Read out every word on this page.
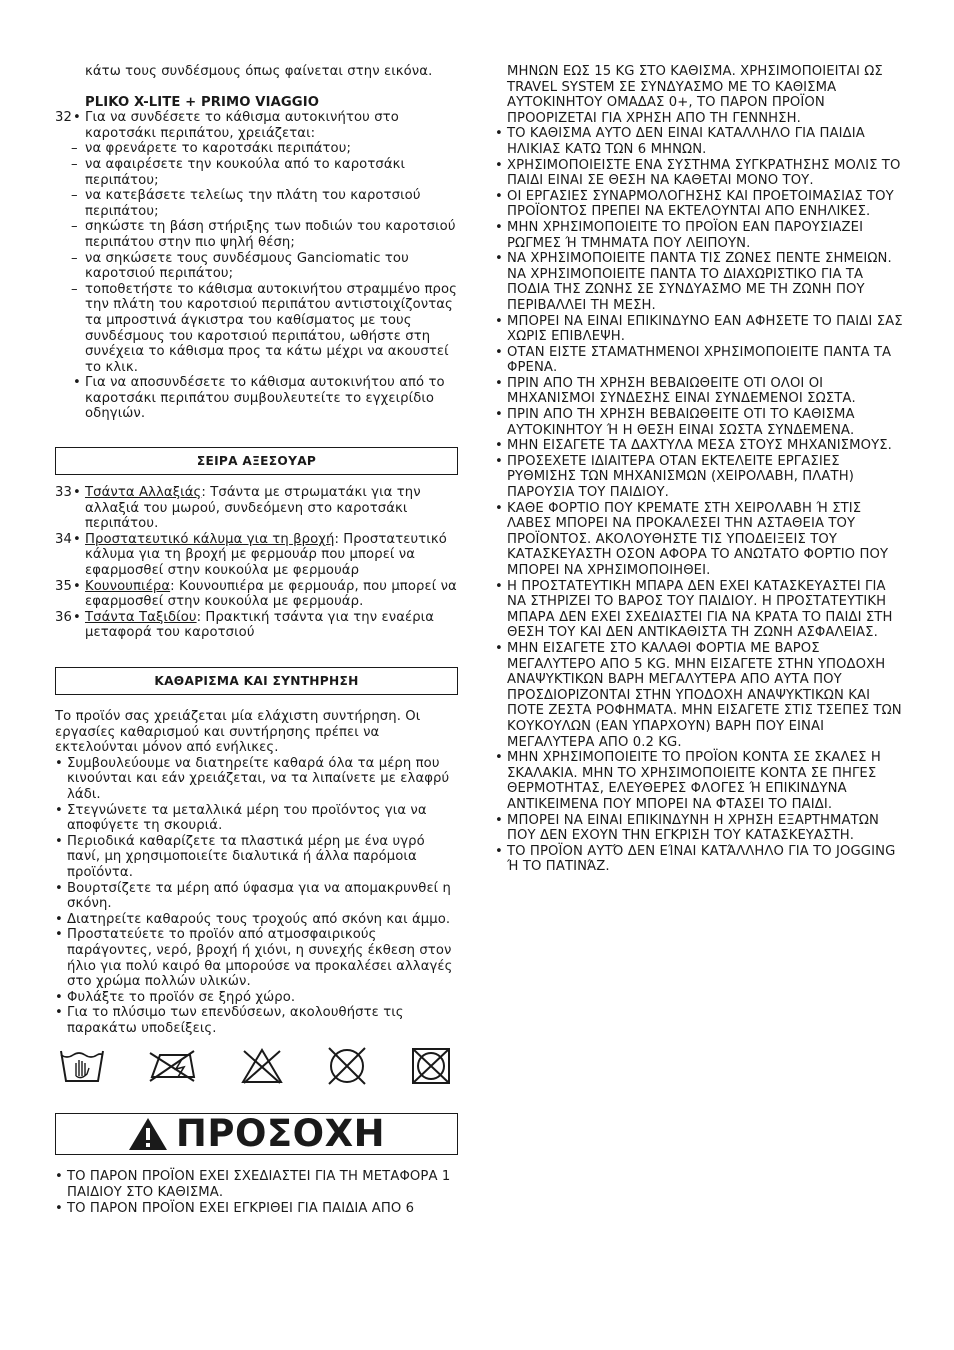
κάτω τους συνδέσμους όπως φαίνεται στην εικόνα.

PLIKO X-LITE + PRIMO VIAGGIO

32 • Για να συνδέσετε το κάθισμα αυτοκινήτου στο καροτσάκι περιπάτου, χρειάζεται:
– να φρενάρετε το καροτσάκι περιπάτου;
– να αφαιρέσετε την κουκούλα από το καροτσάκι περιπάτου;
– να κατεβάσετε τελείως την πλάτη του καροτσιού περιπάτου;
– σηκώστε τη βάση στήριξης των ποδιών του καροτσιού περιπάτου στην πιο ψηλή θέση;
– να σηκώσετε τους συνδέσμους Ganciomatic του καροτσιού περιπάτου;
– τοποθετήστε το κάθισμα αυτοκινήτου στραμμένο προς την πλάτη του καροτσιού περιπάτου αντιστοιχίζοντας τα μπροστινά άγκιστρα του καθίσματος με τους συνδέσμους του καροτσιού περιπάτου, ωθήστε στη συνέχεια το κάθισμα προς τα κάτω μέχρι να ακουστεί το κλικ.
• Για να αποσυνδέσετε το κάθισμα αυτοκινήτου από το καροτσάκι περιπάτου συμβουλευτείτε το εγχειρίδιο οδηγιών.
ΣΕΙΡΑ ΑΞΕΣΟΥΑΡ
33 • Τσάντα Αλλαξιάς: Τσάντα με στρωματάκι για την αλλαξιά του μωρού, συνδεόμενη στο καροτσάκι περιπάτου.
34 • Προστατευτικό κάλυμα για τη βροχή: Προστατευτικό κάλυμα για τη βροχή με φερμουάρ που μπορεί να εφαρμοσθεί στην κουκούλα με φερμουάρ
35 • Κουνουπιέρα: Κουνουπιέρα με φερμουάρ, που μπορεί να εφαρμοσθεί στην κουκούλα με φερμουάρ.
36 • Τσάντα Ταξιδίου: Πρακτική τσάντα για την εναέρια μεταφορά του καροτσιού
ΚΑΘΑΡΙΣΜΑ ΚΑΙ ΣΥΝΤΗΡΗΣΗ

Το προϊόν σας χρειάζεται μία ελάχιστη συντήρηση. Οι εργασίες καθαρισμού και συντήρησης πρέπει να εκτελούνται μόνον από ενήλικες.

• Συμβουλεύουμε να διατηρείτε καθαρά όλα τα μέρη που κινούνται και εάν χρειάζεται, να τα λιπαίνετε με ελαφρύ λάδι.
• Στεγνώνετε τα μεταλλικά μέρη του προϊόντος για να αποφύγετε τη σκουριά.
• Περιοδικά καθαρίζετε τα πλαστικά μέρη με ένα υγρό πανί, μη χρησιμοποιείτε διαλυτικά ή άλλα παρόμοια προϊόντα.
• Βουρτσίζετε τα μέρη από ύφασμα για να απομακρυνθεί η σκόνη.
• Διατηρείτε καθαρούς τους τροχούς από σκόνη και άμμο.
• Προστατεύετε το προϊόν από ατμοσφαιρικούς παράγοντες, νερό, βροχή ή χιόνι, η συνεχής έκθεση στον ήλιο για πολύ καιρό θα μπορούσε να προκαλέσει αλλαγές στο χρώμα πολλών υλικών.
• Φυλάξτε το προϊόν σε ξηρό χώρο.
• Για το πλύσιμο των επενδύσεων, ακολουθήστε τις παρακάτω υποδείξεις.
ΠΡΟΣΟΧΗ
• ΤΟ ΠΑΡΟΝ ΠΡΟΪΟΝ ΕΧΕΙ ΣΧΕΔΙΑΣΤΕΙ ΓΙΑ ΤΗ ΜΕΤΑΦΟΡΑ 1 ΠΑΙΔΙΟΥ ΣΤΟ ΚΑΘΙΣΜΑ.
• ΤΟ ΠΑΡΟΝ ΠΡΟΪΟΝ ΕΧΕΙ ΕΓΚΡΙΘΕΙ ΓΙΑ ΠΑΙΔΙΑ ΑΠΟ 6

ΜΗΝΩΝ ΕΩΣ 15 KG ΣΤΟ ΚΑΘΙΣΜΑ. ΧΡΗΣΙΜΟΠΟΙΕΙΤΑΙ ΩΣ TRAVEL SYSTEM ΣΕ ΣΥΝΔΥΑΣΜΟ ΜΕ ΤΟ ΚΑΘΙΣΜΑ ΑΥΤΟΚΙΝΗΤΟΥ ΟΜΑΔΑΣ 0+, ΤΟ ΠΑΡΟΝ ΠΡΟΪΟΝ ΠΡΟΟΡΙΖΕΤΑΙ ΓΙΑ ΧΡΗΣΗ ΑΠΟ ΤΗ ΓΕΝΝΗΣΗ.

• ΤΟ ΚΑΘΙΣΜΑ ΑΥΤΟ ΔΕΝ ΕΙΝΑΙ ΚΑΤΑΛΛΗΛΟ ΓΙΑ ΠΑΙΔΙΑ ΗΛΙΚΙΑΣ ΚΑΤΩ ΤΩΝ 6 ΜΗΝΩΝ.
• ΧΡΗΣΙΜΟΠΟΙΕΙΣΤΕ ΕΝΑ ΣΥΣΤΗΜΑ ΣΥΓΚΡΑΤΗΣΗΣ ΜΟΛΙΣ ΤΟ ΠΑΙΔΙ ΕΙΝΑΙ ΣΕ ΘΕΣΗ ΝΑ ΚΑΘΕΤΑΙ ΜΟΝΟ ΤΟΥ.
• ΟΙ ΕΡΓΑΣΙΕΣ ΣΥΝΑΡΜΟΛΟΓΗΣΗΣ ΚΑΙ ΠΡΟΕΤΟΙΜΑΣΙΑΣ ΤΟΥ ΠΡΟΪΟΝΤΟΣ ΠΡΕΠΕΙ ΝΑ ΕΚΤΕΛΟΥΝΤΑΙ ΑΠΟ ΕΝΗΛΙΚΕΣ.
• ΜΗΝ ΧΡΗΣΙΜΟΠΟΙΕΙΤΕ ΤΟ ΠΡΟΪΟΝ ΕΑΝ ΠΑΡΟΥΣΙΑΖΕΙ ΡΩΓΜΕΣ Ή ΤΜΗΜΑΤΑ ΠΟΥ ΛΕΙΠΟΥΝ.
• ΝΑ ΧΡΗΣΙΜΟΠΟΙΕΙΤΕ ΠΑΝΤΑ ΤΙΣ ΖΩΝΕΣ ΠΕΝΤΕ ΣΗΜΕΙΩΝ. ΝΑ ΧΡΗΣΙΜΟΠΟΙΕΙΤΕ ΠΑΝΤΑ ΤΟ ΔΙΑΧΩΡΙΣΤΙΚΟ ΓΙΑ ΤΑ ΠΟΔΙΑ ΤΗΣ ΖΩΝΗΣ ΣΕ ΣΥΝΔΥΑΣΜΟ ΜΕ ΤΗ ΖΩΝΗ ΠΟΥ ΠΕΡΙΒΑΛΛΕΙ ΤΗ ΜΕΣΗ.
• ΜΠΟΡΕΙ ΝΑ ΕΙΝΑΙ ΕΠΙΚΙΝΔΥΝΟ ΕΑΝ ΑΦΗΣΕΤΕ ΤΟ ΠΑΙΔΙ ΣΑΣ ΧΩΡΙΣ ΕΠΙΒΛΕΨΗ.
• ΟΤΑΝ ΕΙΣΤΕ ΣΤΑΜΑΤΗΜΕΝΟΙ ΧΡΗΣΙΜΟΠΟΙΕΙΤΕ ΠΑΝΤΑ ΤΑ ΦΡΕΝΑ.
• ΠΡΙΝ ΑΠΟ ΤΗ ΧΡΗΣΗ ΒΕΒΑΙΩΘΕΙΤΕ ΟΤΙ ΟΛΟΙ ΟΙ ΜΗΧΑΝΙΣΜΟΙ ΣΥΝΔΕΣΗΣ ΕΙΝΑΙ ΣΥΝΔΕΜΕΝΟΙ ΣΩΣΤΑ.
• ΠΡΙΝ ΑΠΟ ΤΗ ΧΡΗΣΗ ΒΕΒΑΙΩΘΕΙΤΕ ΟΤΙ ΤΟ ΚΑΘΙΣΜΑ ΑΥΤΟΚΙΝΗΤΟΥ Ή Η ΘΕΣΗ ΕΙΝΑΙ ΣΩΣΤΑ ΣΥΝΔΕΜΕΝΑ.
• ΜΗΝ ΕΙΣΑΓΕΤΕ ΤΑ ΔΑΧΤΥΛΑ ΜΕΣΑ ΣΤΟΥΣ ΜΗΧΑΝΙΣΜΟΥΣ.
• ΠΡΟΣΕΧΕΤΕ ΙΔΙΑΙΤΕΡΑ ΟΤΑΝ ΕΚΤΕΛΕΙΤΕ ΕΡΓΑΣΙΕΣ ΡΥΘΜΙΣΗΣ ΤΩΝ ΜΗΧΑΝΙΣΜΩΝ (ΧΕΙΡΟΛΑΒΗ, ΠΛΑΤΗ) ΠΑΡΟΥΣΙΑ ΤΟΥ ΠΑΙΔΙΟΥ.
• ΚΑΘΕ ΦΟΡΤΙΟ ΠΟΥ ΚΡΕΜΑΤΕ ΣΤΗ ΧΕΙΡΟΛΑΒΗ Ή ΣΤΙΣ ΛΑΒΕΣ ΜΠΟΡΕΙ ΝΑ ΠΡΟΚΑΛΕΣΕΙ ΤΗΝ ΑΣΤΑΘΕΙΑ ΤΟΥ ΠΡΟΪΟΝΤΟΣ. ΑΚΟΛΟΥΘΗΣΤΕ ΤΙΣ ΥΠΟΔΕΙΞΕΙΣ ΤΟΥ ΚΑΤΑΣΚΕΥΑΣΤΗ ΟΣΟΝ ΑΦΟΡΑ ΤΟ ΑΝΩΤΑΤΟ ΦΟΡΤΙΟ ΠΟΥ ΜΠΟΡΕΙ ΝΑ ΧΡΗΣΙΜΟΠΟΙΗΘΕΙ.
• Η ΠΡΟΣΤΑΤΕΥΤΙΚΗ ΜΠΑΡΑ ΔΕΝ ΕΧΕΙ ΚΑΤΑΣΚΕΥΑΣΤΕΙ ΓΙΑ ΝΑ ΣΤΗΡΙΖΕΙ ΤΟ ΒΑΡΟΣ ΤΟΥ ΠΑΙΔΙΟΥ. Η ΠΡΟΣΤΑΤΕΥΤΙΚΗ ΜΠΑΡΑ ΔΕΝ ΕΧΕΙ ΣΧΕΔΙΑΣΤΕΙ ΓΙΑ ΝΑ ΚΡΑΤΑ ΤΟ ΠΑΙΔΙ ΣΤΗ ΘΕΣΗ ΤΟΥ ΚΑΙ ΔΕΝ ΑΝΤΙΚΑΘΙΣΤΑ ΤΗ ΖΩΝΗ ΑΣΦΑΛΕΙΑΣ.
• ΜΗΝ ΕΙΣΑΓΕΤΕ ΣΤΟ ΚΑΛΑΘΙ ΦΟΡΤΙΑ ΜΕ ΒΑΡΟΣ ΜΕΓΑΛΥΤΕΡΟ ΑΠΟ 5 KG. ΜΗΝ ΕΙΣΑΓΕΤΕ ΣΤΗΝ ΥΠΟΔΟΧΗ ΑΝΑΨΥΚΤΙΚΩΝ ΒΑΡΗ ΜΕΓΑΛΥΤΕΡΑ ΑΠΟ ΑΥΤΑ ΠΟΥ ΠΡΟΣΔΙΟΡΙΖΟΝΤΑΙ ΣΤΗΝ ΥΠΟΔΟΧΗ ΑΝΑΨΥΚΤΙΚΩΝ ΚΑΙ ΠΟΤΕ ΖΕΣΤΑ ΡΟΦΗΜΑΤΑ. ΜΗΝ ΕΙΣΑΓΕΤΕ ΣΤΙΣ ΤΣΕΠΕΣ ΤΩΝ ΚΟΥΚΟΥΛΩΝ (ΕΑΝ ΥΠΑΡΧΟΥΝ) ΒΑΡΗ ΠΟΥ ΕΙΝΑΙ ΜΕΓΑΛΥΤΕΡΑ ΑΠΟ 0.2 KG.
• ΜΗΝ ΧΡΗΣΙΜΟΠΟΙΕΙΤΕ ΤΟ ΠΡΟΪΟΝ ΚΟΝΤΑ ΣΕ ΣΚΑΛΕΣ Η ΣΚΑΛΑΚΙΑ. ΜΗΝ ΤΟ ΧΡΗΣΙΜΟΠΟΙΕΙΤΕ ΚΟΝΤΑ ΣΕ ΠΗΓΕΣ ΘΕΡΜΟΤΗΤΑΣ, ΕΛΕΥΘΕΡΕΣ ΦΛΟΓΕΣ Ή ΕΠΙΚΙΝΔΥΝΑ ΑΝΤΙΚΕΙΜΕΝΑ ΠΟΥ ΜΠΟΡΕΙ ΝΑ ΦΤΑΣΕΙ ΤΟ ΠΑΙΔΙ.
• ΜΠΟΡΕΙ ΝΑ ΕΙΝΑΙ ΕΠΙΚΙΝΔΥΝΗ Η ΧΡΗΣΗ ΕΞΑΡΤΗΜΑΤΩΝ ΠΟΥ ΔΕΝ ΕΧΟΥΝ ΤΗΝ ΕΓΚΡΙΣΗ ΤΟΥ ΚΑΤΑΣΚΕΥΑΣΤΗ.
• ΤΟ ΠΡΟΪΟΝ ΑΥΤΌ ΔΕΝ ΕΊΝΑΙ ΚΑΤΆΛΛΗΛΟ ΓΙΑ ΤΟ JOGGING Ή ΤΟ ΠΑΤΙΝΆΖ.
